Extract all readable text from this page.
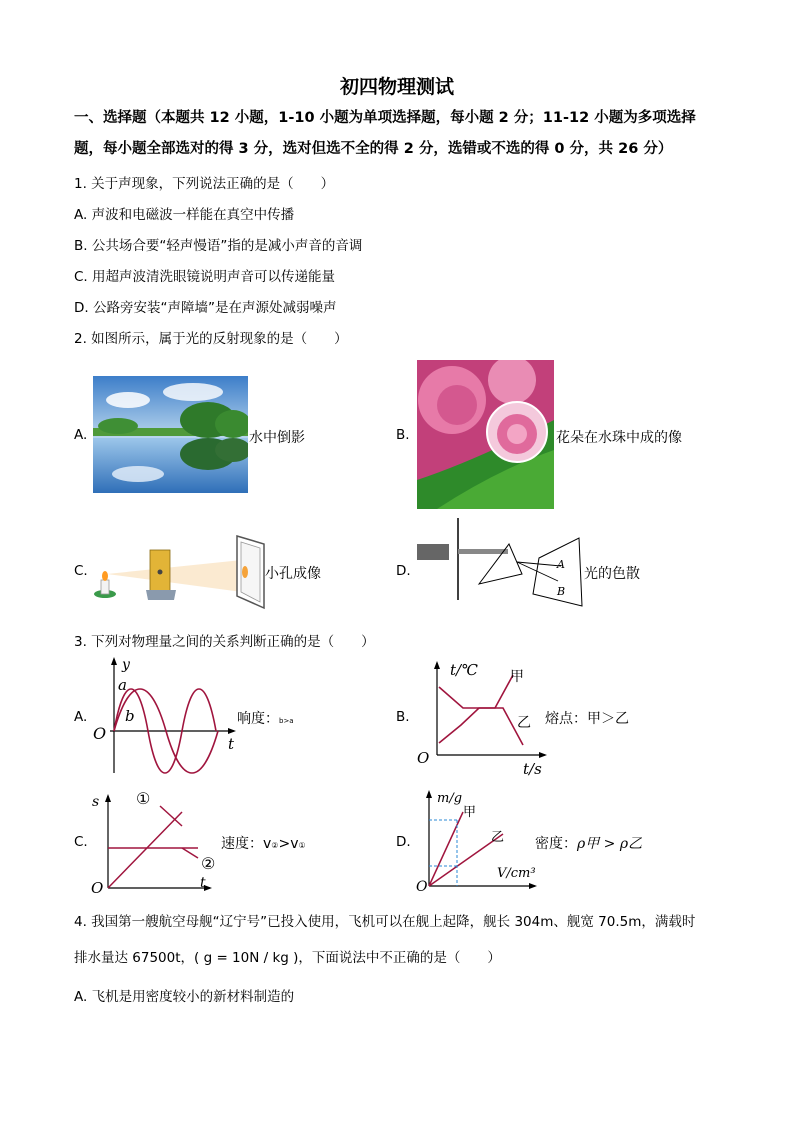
初四物理测试
一、选择题（本题共 12 小题，1-10 小题为单项选择题，每小题 2 分；11-12 小题为多项选择
题，每小题全部选对的得 3 分，选对但选不全的得 2 分，选错或不选的得 0 分，共 26 分）
1. 关于声现象，下列说法正确的是（　　）
A. 声波和电磁波一样能在真空中传播
B. 公共场合要“轻声慢语”指的是减小声音的音调
C. 用超声波清洗眼镜说明声音可以传递能量
D. 公路旁安装“声障墙”是在声源处减弱噪声
2. 如图所示，属于光的反射现象的是（　　）
A.	水中倒影	B.	花朵在水珠中成的像
C.	小孔成像	D.	A
B
光的色散
3. 下列对物理量之间的关系判断正确的是（　　）
A.
y
t
O
a
b	响度：b>a	B.
t/℃
t/s
O
甲
乙 熔点：甲＞乙
C.
s
t
O
①
②
速度：v②>v①	D.
m/g
V/cm³
O
甲
乙 密度：ρ甲 > ρ乙
4. 我国第一艘航空母舰“辽宁号”已投入使用，飞机可以在舰上起降，舰长 304m、舰宽 70.5m，满载时
排水量达 67500t，( g = 10N / kg )，下面说法中不正确的是（　　）
A. 飞机是用密度较小的新材料制造的
